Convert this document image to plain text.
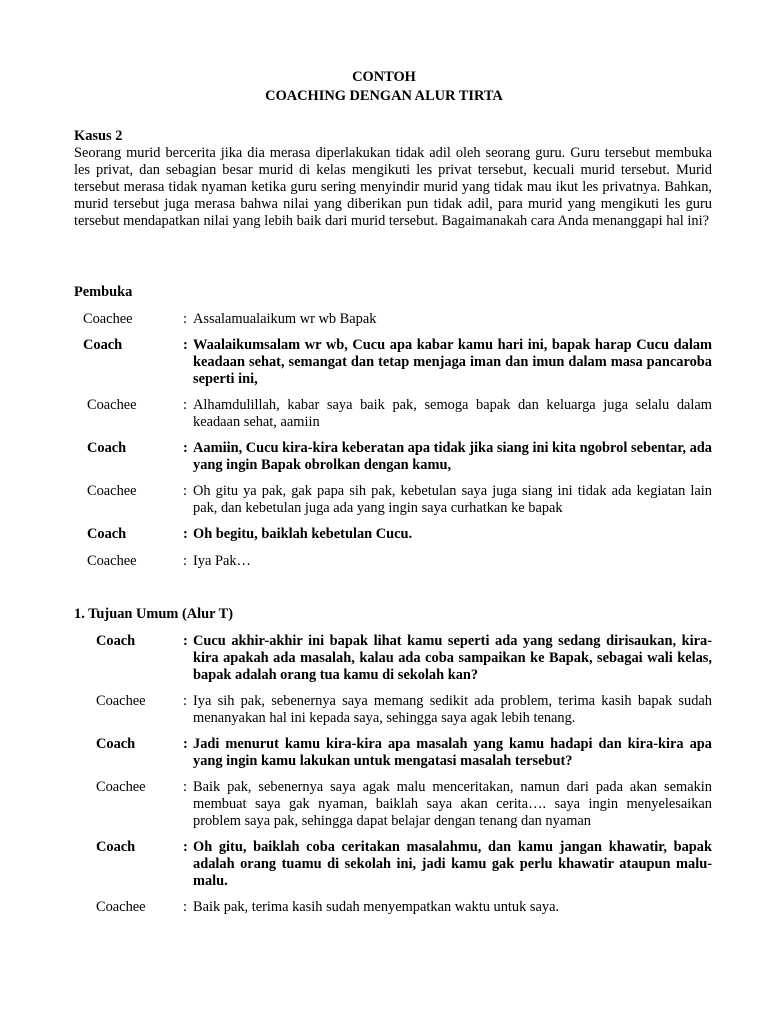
CONTOH
COACHING DENGAN ALUR TIRTA
Kasus 2
Seorang murid bercerita jika dia merasa diperlakukan tidak adil oleh seorang guru. Guru tersebut membuka les privat, dan sebagian besar murid di kelas mengikuti les privat tersebut, kecuali murid tersebut. Murid tersebut merasa tidak nyaman ketika guru sering menyindir murid yang tidak mau ikut les privatnya. Bahkan, murid tersebut juga merasa bahwa nilai yang diberikan pun tidak adil, para murid yang mengikuti les guru tersebut mendapatkan nilai yang lebih baik dari murid tersebut. Bagaimanakah cara Anda menanggapi hal ini?
Pembuka
Coachee	: Assalamualaikum wr wb Bapak
Coach	: Waalaikumsalam wr wb, Cucu apa kabar kamu hari ini, bapak harap Cucu dalam keadaan sehat, semangat dan tetap menjaga iman dan imun dalam masa pancaroba seperti ini,
Coachee	: Alhamdulillah, kabar saya baik pak, semoga bapak dan keluarga juga selalu dalam keadaan sehat, aamiin
Coach	: Aamiin, Cucu kira-kira keberatan apa tidak jika siang ini kita ngobrol sebentar, ada yang ingin Bapak obrolkan dengan kamu,
Coachee	: Oh gitu ya pak, gak papa sih pak, kebetulan saya juga siang ini tidak ada kegiatan lain pak, dan kebetulan juga ada yang ingin saya curhatkan ke bapak
Coach	: Oh begitu, baiklah kebetulan Cucu.
Coachee	: Iya Pak…
1. Tujuan Umum (Alur T)
Coach	: Cucu akhir-akhir ini bapak lihat kamu seperti ada yang sedang dirisaukan, kira-kira apakah ada masalah, kalau ada coba sampaikan ke Bapak, sebagai wali kelas, bapak adalah orang tua kamu di sekolah kan?
Coachee	: Iya sih pak, sebenernya saya memang sedikit ada problem, terima kasih bapak sudah menanyakan hal ini kepada saya, sehingga saya agak lebih tenang.
Coach	: Jadi menurut kamu kira-kira apa masalah yang kamu hadapi dan kira-kira apa yang ingin kamu lakukan untuk mengatasi masalah tersebut?
Coachee	: Baik pak, sebenernya saya agak malu menceritakan, namun dari pada akan semakin membuat saya gak nyaman, baiklah saya akan cerita…. saya ingin menyelesaikan problem saya pak, sehingga dapat belajar dengan tenang dan nyaman
Coach	: Oh gitu, baiklah coba ceritakan masalahmu, dan kamu jangan khawatir, bapak adalah orang tuamu di sekolah ini, jadi kamu gak perlu khawatir ataupun malu-malu.
Coachee	: Baik pak, terima kasih sudah menyempatkan waktu untuk saya.
